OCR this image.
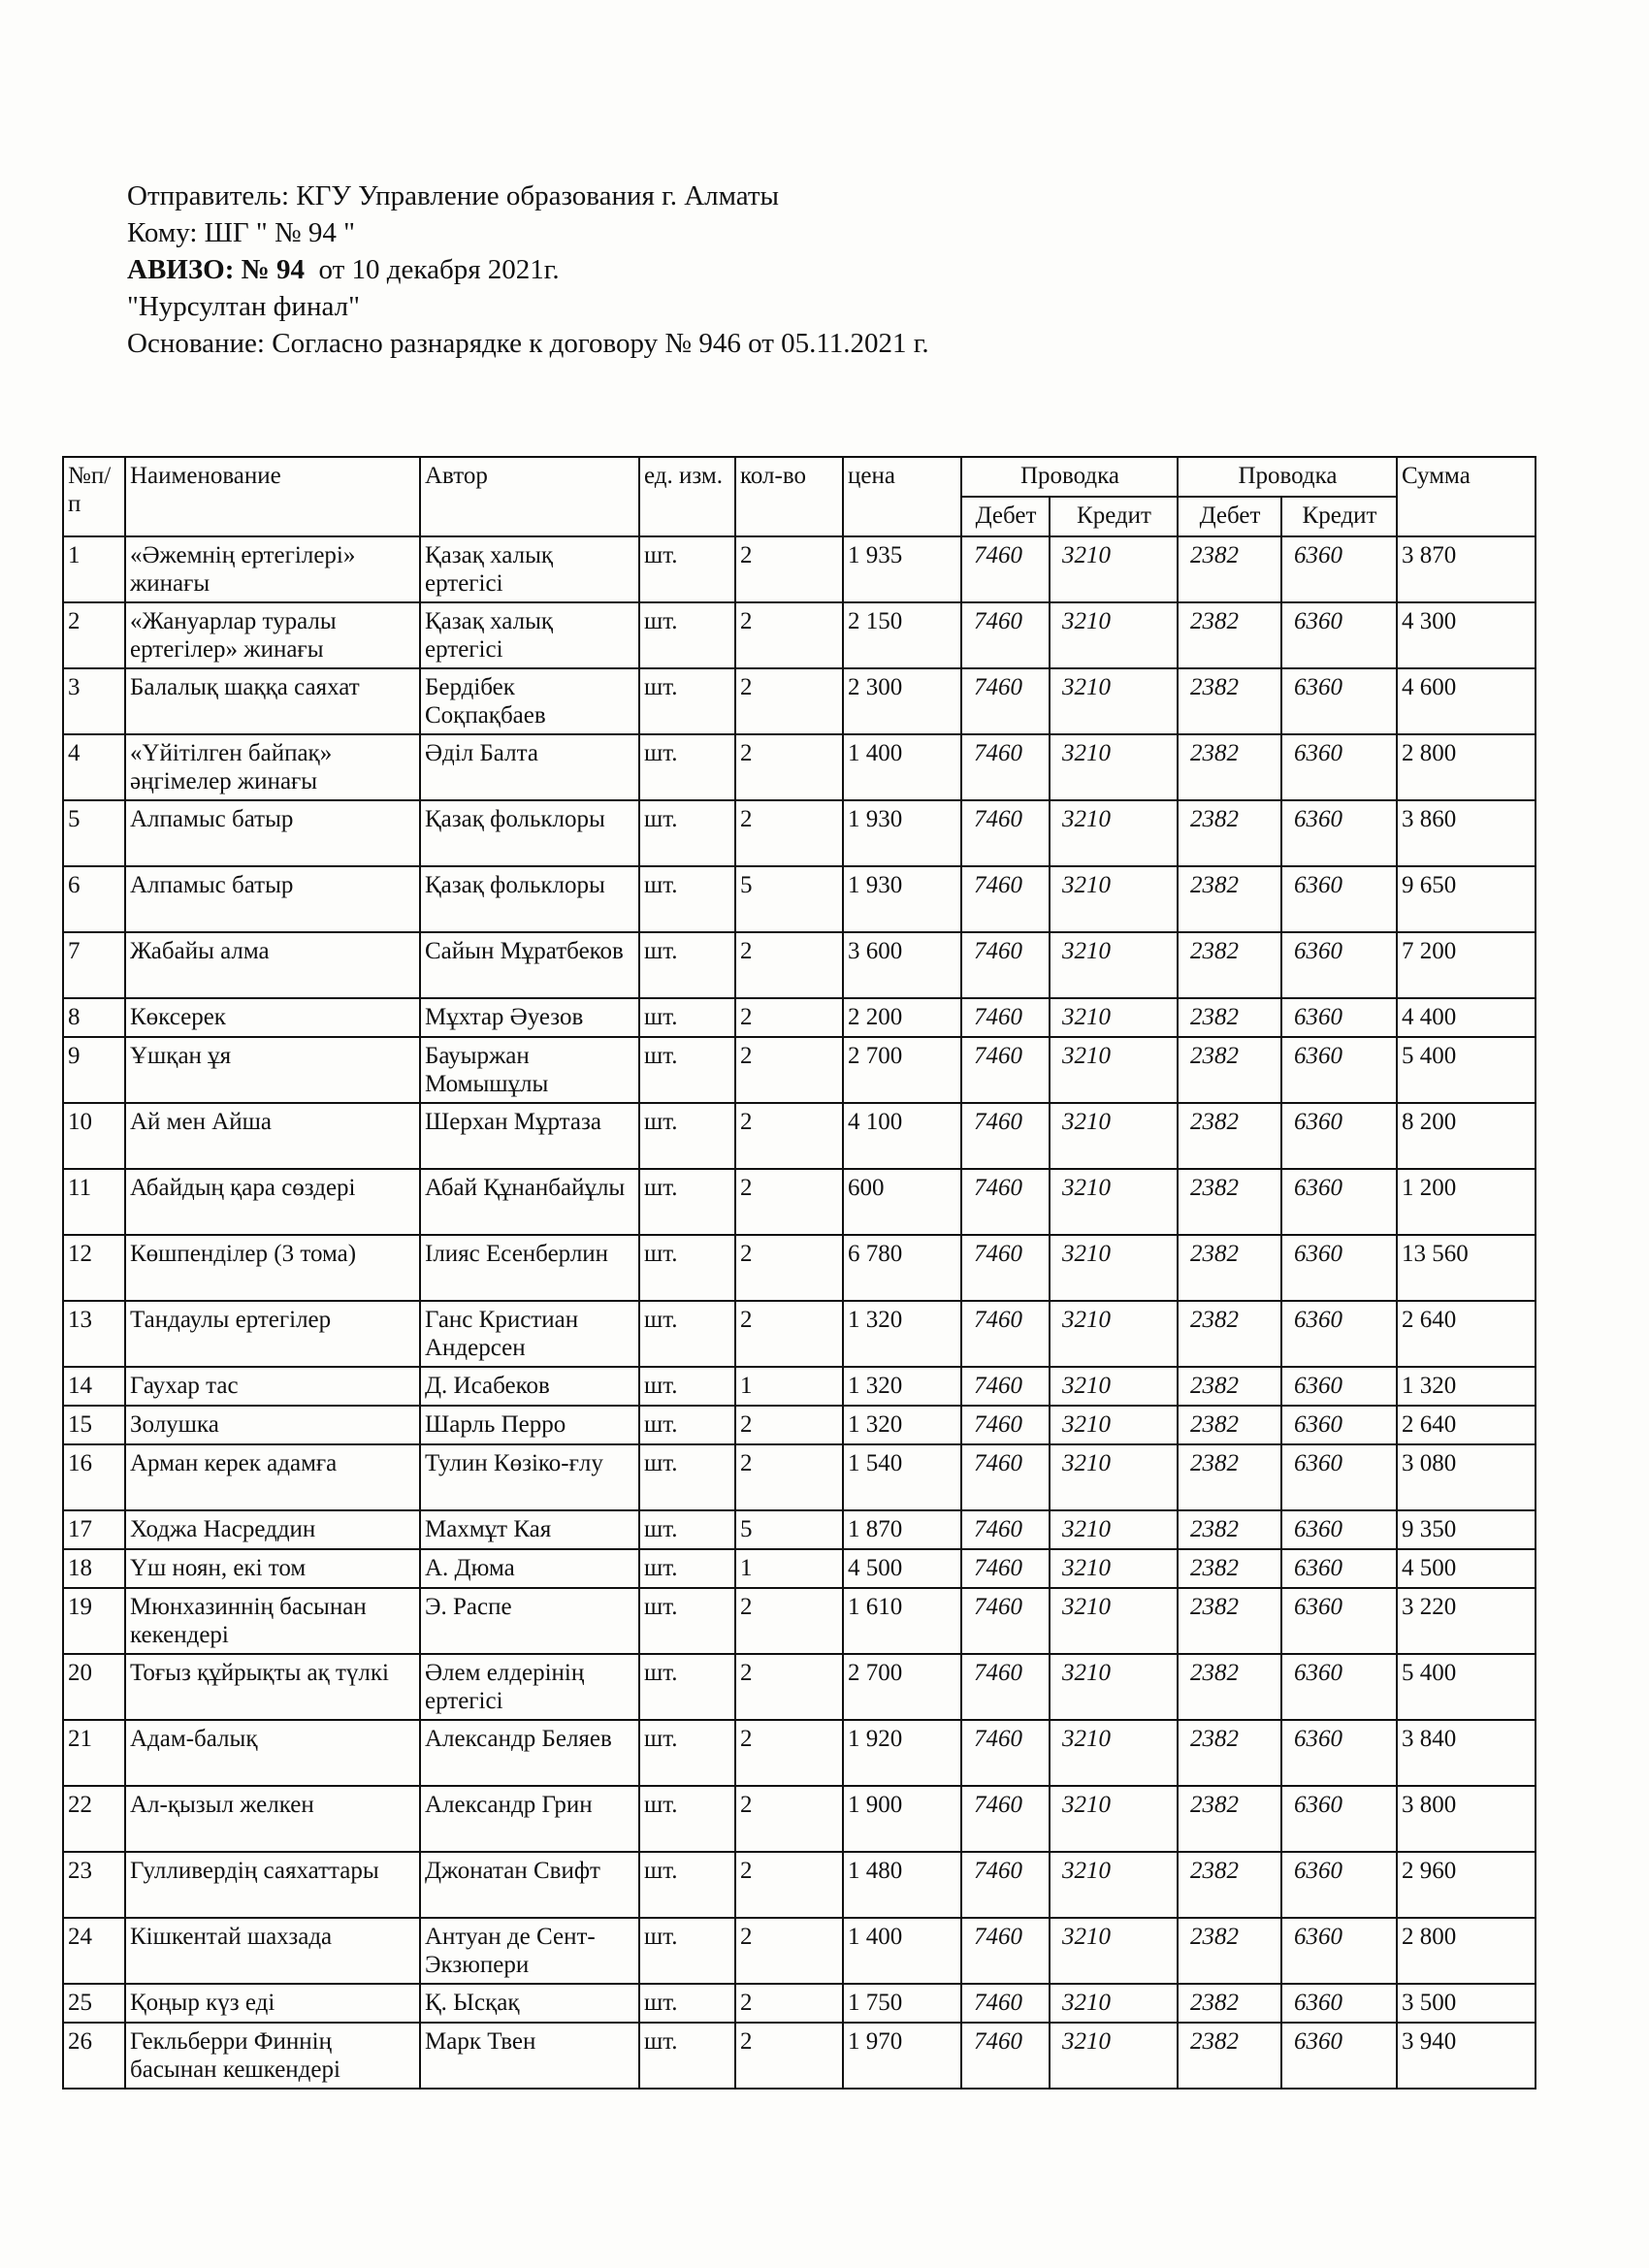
Отправитель: КГУ Управление образования г. Алматы
Кому: ШГ " № 94 "
АВИЗО: № 94 от 10 декабря 2021г.
"Нурсултан финал"
Основание: Согласно разнарядке к договору № 946 от 05.11.2021 г.
№п/п	Наименование	Автор	ед. изм.	кол-во	цена	Проводка		Проводка		Сумма
						Дебет	Кредит	Дебет	Кредит	
1	«Әжемнің ертегілері» жинағы	Қазақ халық ертегісі	шт.	2	1 935	7460	3210	2382	6360	3 870
2	«Жануарлар туралы ертегілер» жинағы	Қазақ халық ертегісі	шт.	2	2 150	7460	3210	2382	6360	4 300
3	Балалық шаққа саяхат	Бердібек Соқпақбаев	шт.	2	2 300	7460	3210	2382	6360	4 600
4	«Үйітілген байпақ» әңгімелер жинағы	Әділ Балта	шт.	2	1 400	7460	3210	2382	6360	2 800
5	Алпамыс батыр	Қазақ фольклоры	шт.	2	1 930	7460	3210	2382	6360	3 860
6	Алпамыс батыр	Қазақ фольклоры	шт.	5	1 930	7460	3210	2382	6360	9 650
7	Жабайы алма	Сайын Мұратбеков	шт.	2	3 600	7460	3210	2382	6360	7 200
8	Көксерек	Мұхтар Әуезов	шт.	2	2 200	7460	3210	2382	6360	4 400
9	Ұшқан ұя	Бауыржан Момышұлы	шт.	2	2 700	7460	3210	2382	6360	5 400
10	Ай мен Айша	Шерхан Мұртаза	шт.	2	4 100	7460	3210	2382	6360	8 200
11	Абайдың қара сөздері	Абай Құнанбайұлы	шт.	2	600	7460	3210	2382	6360	1 200
12	Көшпенділер (3 тома)	Ілияс Есенберлин	шт.	2	6 780	7460	3210	2382	6360	13 560
13	Тандаулы ертегілер	Ганс Кристиан Андерсен	шт.	2	1 320	7460	3210	2382	6360	2 640
14	Гаухар тас	Д. Исабеков	шт.	1	1 320	7460	3210	2382	6360	1 320
15	Золушка	Шарль Перро	шт.	2	1 320	7460	3210	2382	6360	2 640
16	Арман керек адамға	Тулин Көзіко-ғлу	шт.	2	1 540	7460	3210	2382	6360	3 080
17	Ходжа Насреддин	Махмұт Кая	шт.	5	1 870	7460	3210	2382	6360	9 350
18	Үш ноян, екі том	А. Дюма	шт.	1	4 500	7460	3210	2382	6360	4 500
19	Мюнхазиннің басынан кекендері	Э. Распе	шт.	2	1 610	7460	3210	2382	6360	3 220
20	Тоғыз құйрықты ақ түлкі	Әлем елдерінің ертегісі	шт.	2	2 700	7460	3210	2382	6360	5 400
21	Адам-балық	Александр Беляев	шт.	2	1 920	7460	3210	2382	6360	3 840
22	Ал-қызыл желкен	Александр Грин	шт.	2	1 900	7460	3210	2382	6360	3 800
23	Гулливердің саяхаттары	Джонатан Свифт	шт.	2	1 480	7460	3210	2382	6360	2 960
24	Кішкентай шахзада	Антуан де Сент-Экзюпери	шт.	2	1 400	7460	3210	2382	6360	2 800
25	Қоңыр күз еді	Қ. Ысқақ	шт.	2	1 750	7460	3210	2382	6360	3 500
26	Гекльберри Финнің басынан кешкендері	Марк Твен	шт.	2	1 970	7460	3210	2382	6360	3 940
